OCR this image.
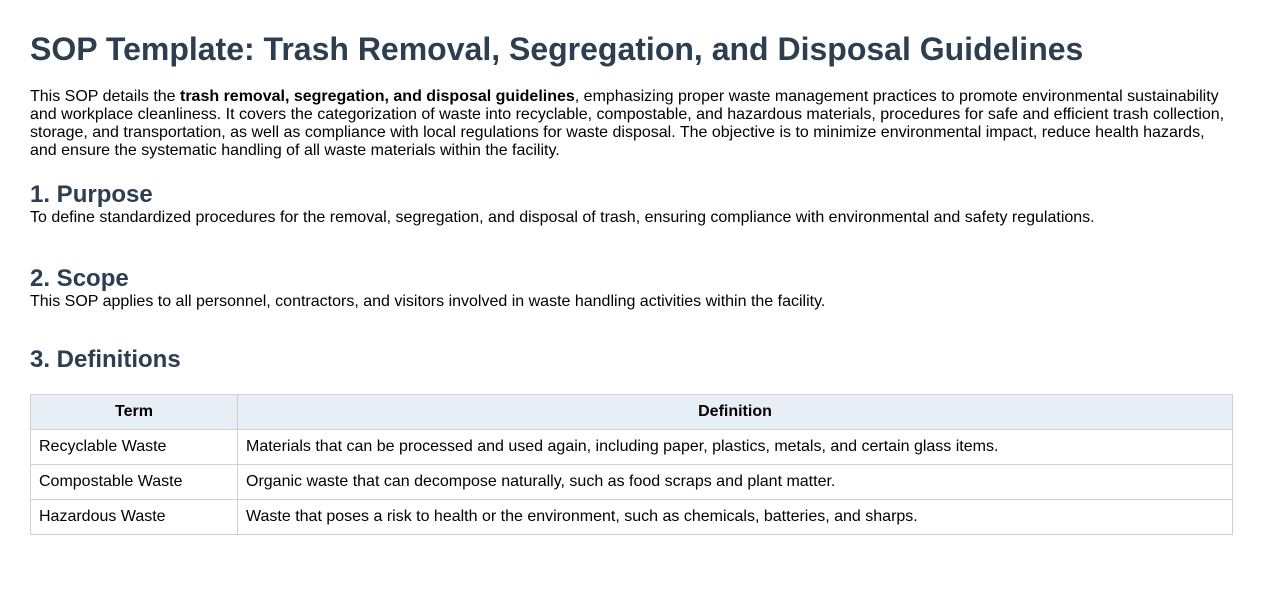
SOP Template: Trash Removal, Segregation, and Disposal Guidelines

This SOP details the trash removal, segregation, and disposal guidelines, emphasizing proper waste management practices to promote environmental sustainability and workplace cleanliness. It covers the categorization of waste into recyclable, compostable, and hazardous materials, procedures for safe and efficient trash collection, storage, and transportation, as well as compliance with local regulations for waste disposal. The objective is to minimize environmental impact, reduce health hazards, and ensure the systematic handling of all waste materials within the facility.

1. Purpose

To define standardized procedures for the removal, segregation, and disposal of trash, ensuring compliance with environmental and safety regulations.

2. Scope

This SOP applies to all personnel, contractors, and visitors involved in waste handling activities within the facility.

3. Definitions
Term	Definition
Recyclable Waste	Materials that can be processed and used again, including paper, plastics, metals, and certain glass items.
Compostable Waste	Organic waste that can decompose naturally, such as food scraps and plant matter.
Hazardous Waste	Waste that poses a risk to health or the environment, such as chemicals, batteries, and sharps.
